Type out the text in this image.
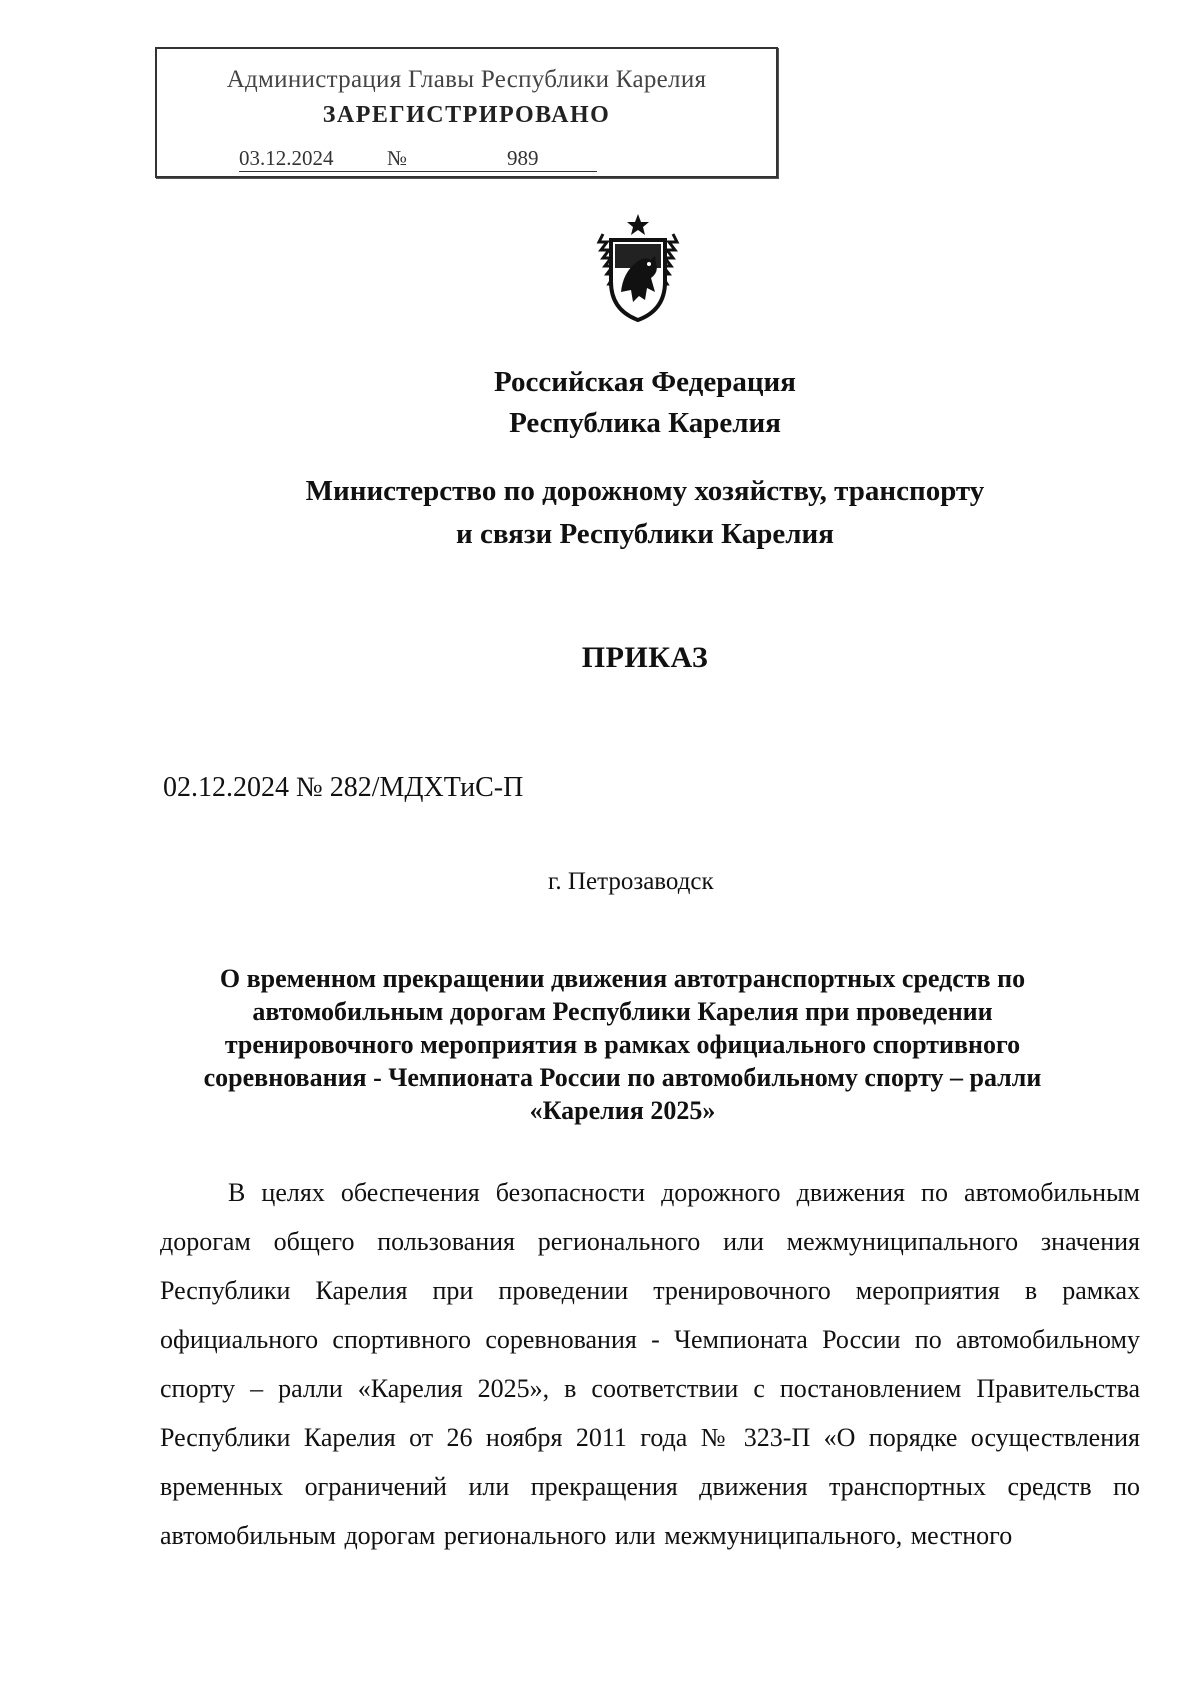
Администрация Главы Республики Карелия
ЗАРЕГИСТРИРОВАНО
03.12.2024	№	989
Российская Федерация
Республика Карелия
Министерство по дорожному хозяйству, транспорту
и связи Республики Карелия
ПРИКАЗ
02.12.2024 № 282/МДХТиС-П
г. Петрозаводск
О временном прекращении движения автотранспортных средств по автомобильным дорогам Республики Карелия при проведении тренировочного мероприятия в рамках официального спортивного соревнования - Чемпионата России по автомобильному спорту – ралли «Карелия 2025»
В целях обеспечения безопасности дорожного движения по автомобильным дорогам общего пользования регионального или межмуниципального значения Республики Карелия при проведении тренировочного мероприятия в рамках официального спортивного соревнования - Чемпионата России по автомобильному спорту – ралли «Карелия 2025», в соответствии с постановлением Правительства Республики Карелия от 26 ноября 2011 года № 323-П «О порядке осуществления временных ограничений или прекращения движения транспортных средств по автомобильным дорогам регионального или межмуниципального, местного
